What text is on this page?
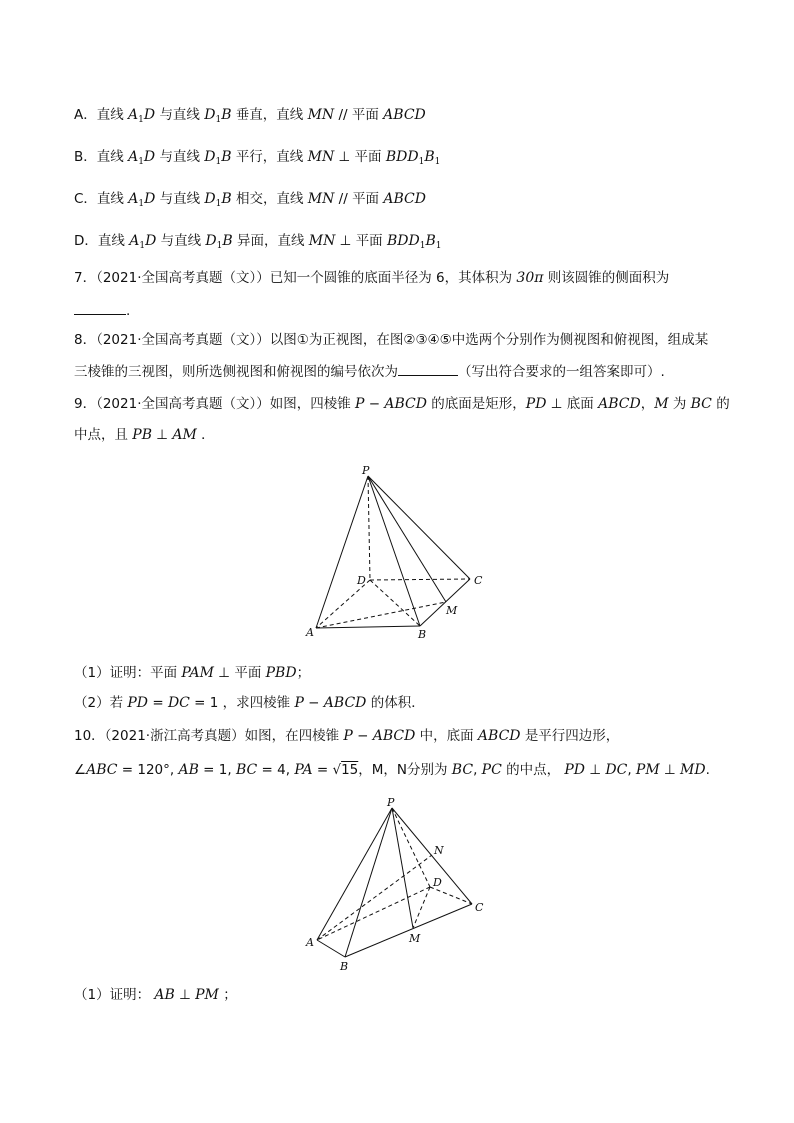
A．直线 $A_1D$ 与直线 $D_1B$ 垂直，直线 MN // 平面 ABCD
B．直线 $A_1D$ 与直线 $D_1B$ 平行，直线 MN ⊥ 平面 $BDD_1B_1$
C．直线 $A_1D$ 与直线 $D_1B$ 相交，直线 MN // 平面 ABCD
D．直线 $A_1D$ 与直线 $D_1B$ 异面，直线 MN ⊥ 平面 $BDD_1B_1$
7．（2021·全国高考真题（文））已知一个圆锥的底面半径为 6，其体积为 30π 则该圆锥的侧面积为
.
8．（2021·全国高考真题（文））以图①为正视图，在图②③④⑤中选两个分别作为侧视图和俯视图，组成某
三棱锥的三视图，则所选侧视图和俯视图的编号依次为	（写出符合要求的一组答案即可）.
9．（2021·全国高考真题（文））如图，四棱锥 P − ABCD 的底面是矩形，PD ⊥ 底面 ABCD，M 为 BC 的
中点，且 PB ⊥ AM ．
P
D	C
M
A	B
（1）证明：平面 PAM ⊥ 平面 PBD；
（2）若 PD = DC = 1 ，求四棱锥 P − ABCD 的体积．
10．（2021·浙江高考真题）如图，在四棱锥 P − ABCD 中，底面 ABCD 是平行四边形，
∠ABC = 120°, AB = 1, BC = 4, PA = √15，M，N分别为 BC, PC 的中点， PD ⊥ DC, PM ⊥ MD.
P
N
D
C
A	M
B
（1）证明： AB ⊥ PM ；
